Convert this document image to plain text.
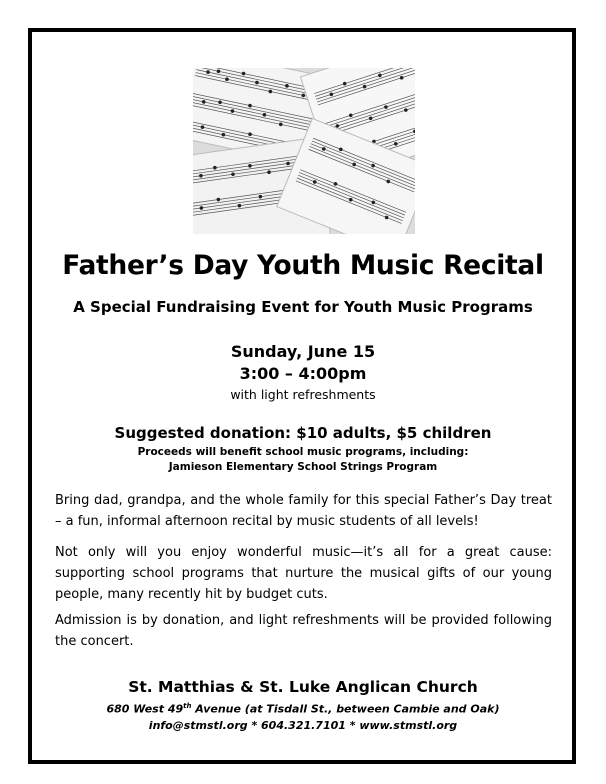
Father’s Day Youth Music Recital
A Special Fundraising Event for Youth Music Programs
Sunday, June 15
3:00 – 4:00pm
with light refreshments
Suggested donation: $10 adults, $5 children
Proceeds will benefit school music programs, including:
Jamieson Elementary School Strings Program
Bring dad, grandpa, and the whole family for this special Father’s Day treat – a fun, informal afternoon recital by music students of all levels!
Not only will you enjoy wonderful music—it’s all for a great cause: supporting school programs that nurture the musical gifts of our young people, many recently hit by budget cuts.
Admission is by donation, and light refreshments will be provided following the concert.
St. Matthias & St. Luke Anglican Church
680 West 49th Avenue (at Tisdall St., between Cambie and Oak)
info@stmstl.org * 604.321.7101 * www.stmstl.org
